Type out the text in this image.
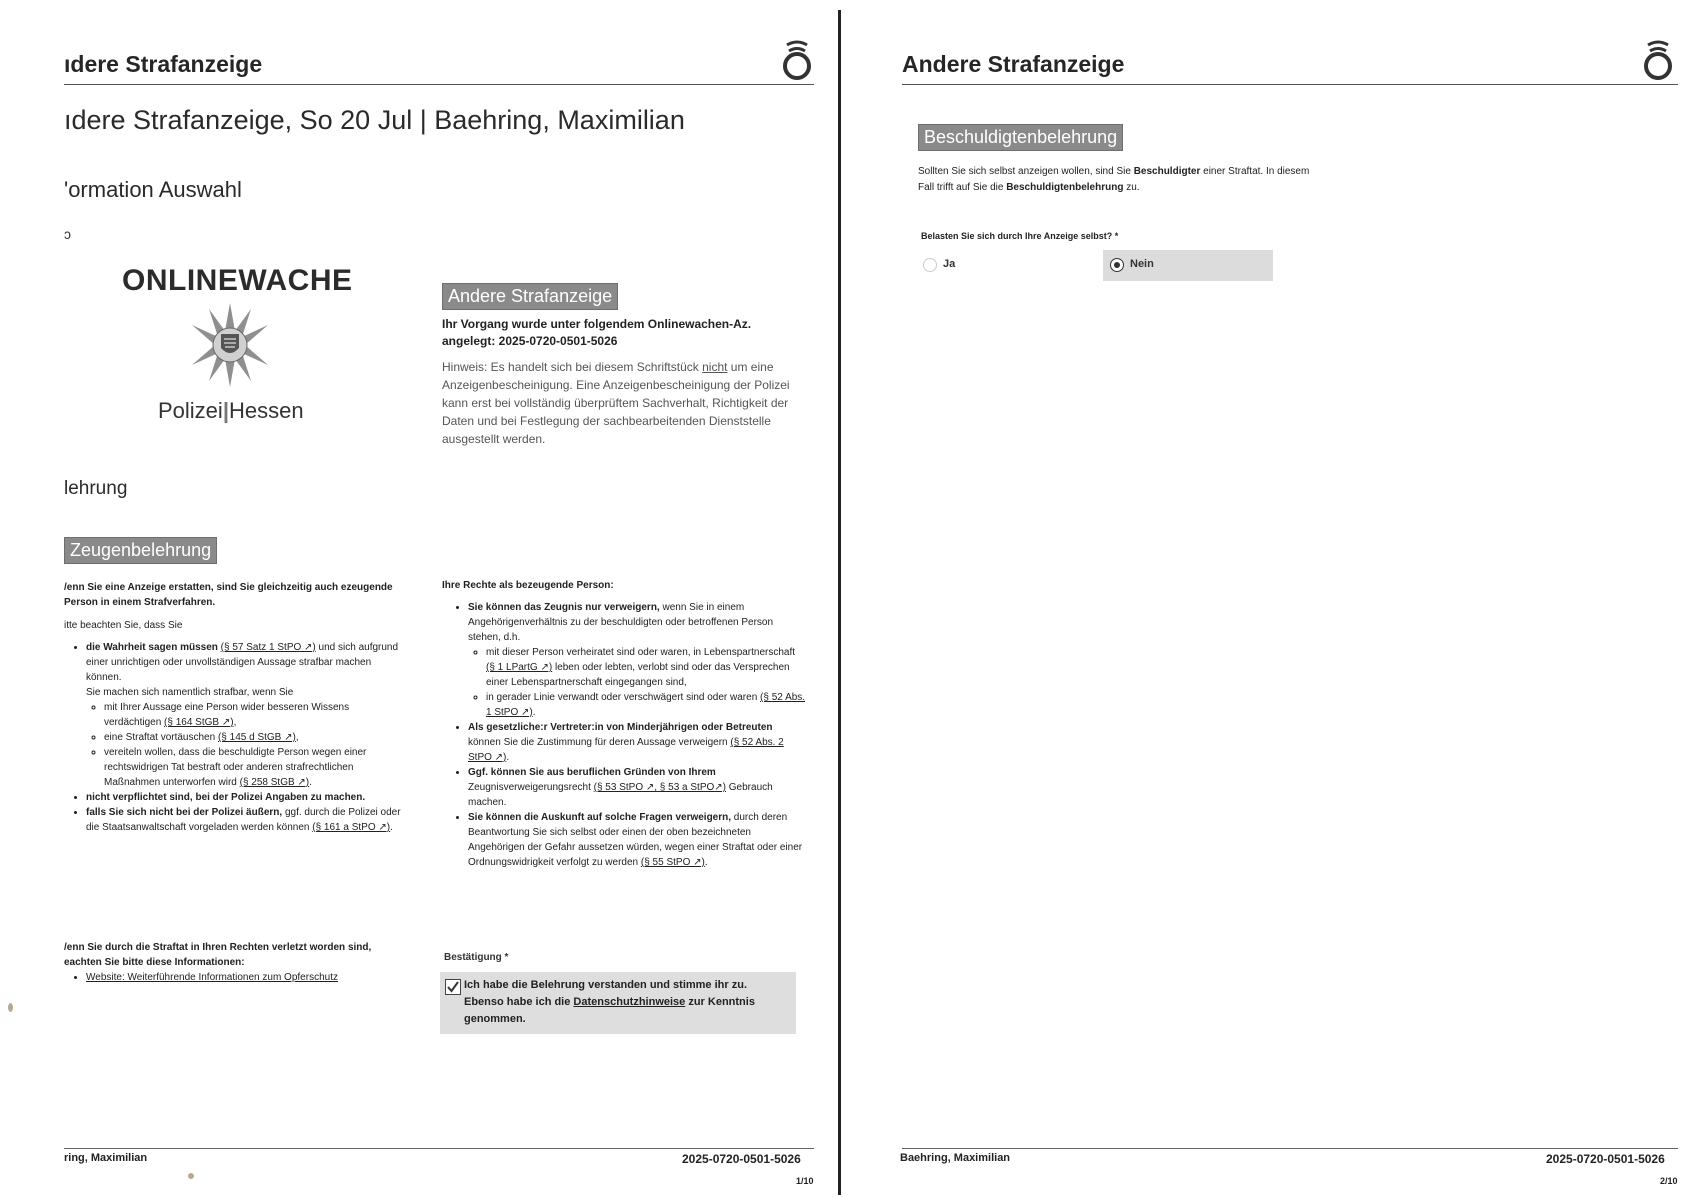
ıdere Strafanzeige
ıdere Strafanzeige, So 20 Jul | Baehring, Maximilian
'ormation Auswahl
ɔ
ONLINEWACHE
Polizei|Hessen
Andere Strafanzeige
Ihr Vorgang wurde unter folgendem Onlinewachen-Az.
angelegt: 2025-0720-0501-5026
Hinweis: Es handelt sich bei diesem Schriftstück nicht um eine Anzeigenbescheinigung. Eine Anzeigenbescheinigung der Polizei kann erst bei vollständig überprüftem Sachverhalt, Richtigkeit der Daten und bei Festlegung der sachbearbeitenden Dienststelle ausgestellt werden.
lehrung
Zeugenbelehrung
/enn Sie eine Anzeige erstatten, sind Sie gleichzeitig auch ezeugende Person in einem Strafverfahren.
itte beachten Sie, dass Sie
• die Wahrheit sagen müssen (§ 57 Satz 1 StPO ↗) und sich aufgrund einer unrichtigen oder unvollständigen Aussage strafbar machen können.
Sie machen sich namentlich strafbar, wenn Sie
◦ mit Ihrer Aussage eine Person wider besseren Wissens verdächtigen (§ 164 StGB ↗),
◦ eine Straftat vortäuschen (§ 145 d StGB ↗),
◦ vereiteln wollen, dass die beschuldigte Person wegen einer rechtswidrigen Tat bestraft oder anderen strafrechtlichen Maßnahmen unterworfen wird (§ 258 StGB ↗).
• nicht verpflichtet sind, bei der Polizei Angaben zu machen.
• falls Sie sich nicht bei der Polizei äußern, ggf. durch die Polizei oder die Staatsanwaltschaft vorgeladen werden können (§ 161 a StPO ↗).
/enn Sie durch die Straftat in Ihren Rechten verletzt worden sind, eachten Sie bitte diese Informationen:
• Website: Weiterführende Informationen zum Opferschutz
Ihre Rechte als bezeugende Person:
• Sie können das Zeugnis nur verweigern, wenn Sie in einem Angehörigenverhältnis zu der beschuldigten oder betroffenen Person stehen, d.h.
◦ mit dieser Person verheiratet sind oder waren, in Lebenspartnerschaft (§ 1 LPartG ↗) leben oder lebten, verlobt sind oder das Versprechen einer Lebenspartnerschaft eingegangen sind,
◦ in gerader Linie verwandt oder verschwägert sind oder waren (§ 52 Abs. 1 StPO ↗).
• Als gesetzliche:r Vertreter:in von Minderjährigen oder Betreuten können Sie die Zustimmung für deren Aussage verweigern (§ 52 Abs. 2 StPO ↗).
• Ggf. können Sie aus beruflichen Gründen von Ihrem Zeugnisverweigerungsrecht (§ 53 StPO ↗, § 53 a StPO↗) Gebrauch machen.
• Sie können die Auskunft auf solche Fragen verweigern, durch deren Beantwortung Sie sich selbst oder einen der oben bezeichneten Angehörigen der Gefahr aussetzen würden, wegen einer Straftat oder einer Ordnungswidrigkeit verfolgt zu werden (§ 55 StPO ↗).
Bestätigung *
Ich habe die Belehrung verstanden und stimme ihr zu. Ebenso habe ich die Datenschutzhinweise zur Kenntnis genommen.
ring, Maximilian	2025-0720-0501-5026
1/10
Andere Strafanzeige
Beschuldigtenbelehrung
Sollten Sie sich selbst anzeigen wollen, sind Sie Beschuldigter einer Straftat. In diesem Fall trifft auf Sie die Beschuldigtenbelehrung zu.
Belasten Sie sich durch Ihre Anzeige selbst? *
Ja	Nein
Baehring, Maximilian	2025-0720-0501-5026
2/10
